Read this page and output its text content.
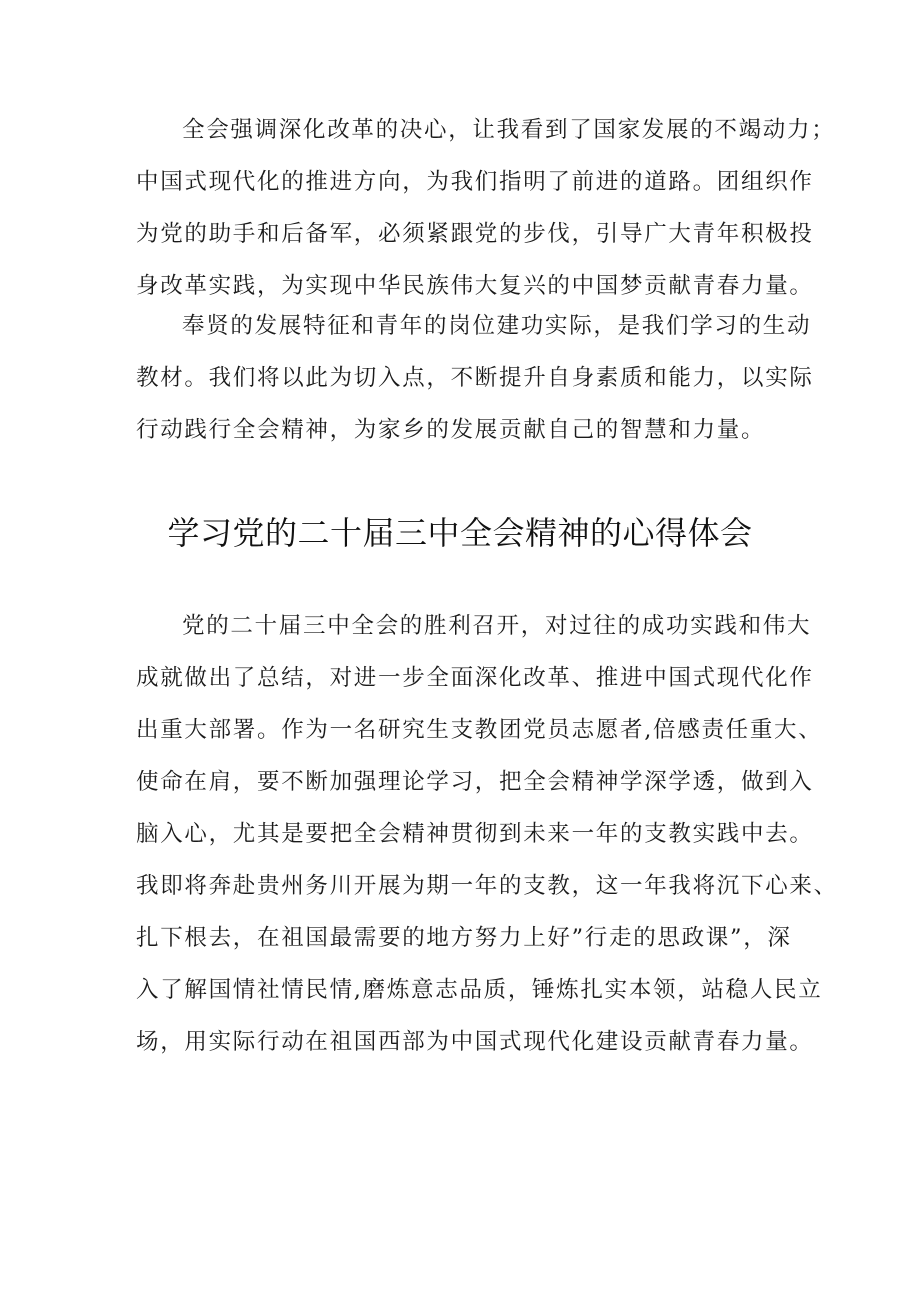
全会强调深化改革的决心，让我看到了国家发展的不竭动力；
中国式现代化的推进方向，为我们指明了前进的道路。团组织作
为党的助手和后备军，必须紧跟党的步伐，引导广大青年积极投
身改革实践，为实现中华民族伟大复兴的中国梦贡献青春力量。
奉贤的发展特征和青年的岗位建功实际，是我们学习的生动
教材。我们将以此为切入点，不断提升自身素质和能力，以实际
行动践行全会精神，为家乡的发展贡献自己的智慧和力量。
学习党的二十届三中全会精神的心得体会
党的二十届三中全会的胜利召开，对过往的成功实践和伟大
成就做出了总结，对进一步全面深化改革、推进中国式现代化作
出重大部署。作为一名研究生支教团党员志愿者,倍感责任重大、
使命在肩，要不断加强理论学习，把全会精神学深学透，做到入
脑入心，尤其是要把全会精神贯彻到未来一年的支教实践中去。
我即将奔赴贵州务川开展为期一年的支教，这一年我将沉下心来、
扎下根去，在祖国最需要的地方努力上好”行走的思政课”，深
入了解国情社情民情,磨炼意志品质，锤炼扎实本领，站稳人民立
场，用实际行动在祖国西部为中国式现代化建设贡献青春力量。
